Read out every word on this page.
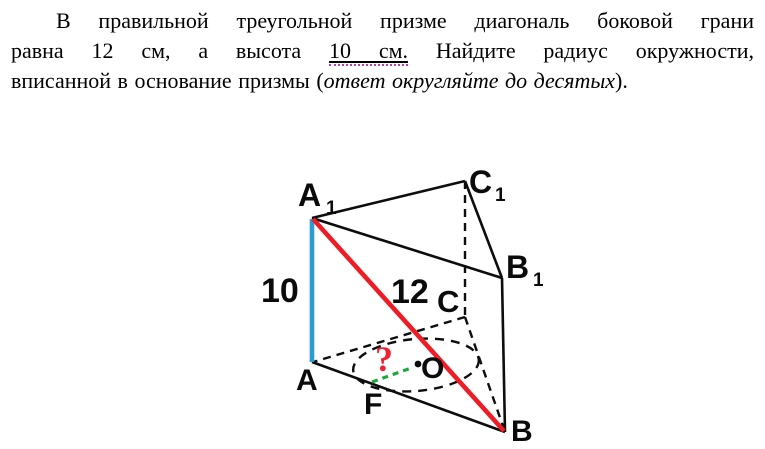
В правильной треугольной призме диагональ боковой грани
равна 12 см, а высота 10 см. Найдите радиус окружности,
вписанной в основание призмы (ответ округляйте до десятых).
10	12
?
A 1
C 1
B 1
A
B
C
O
F
